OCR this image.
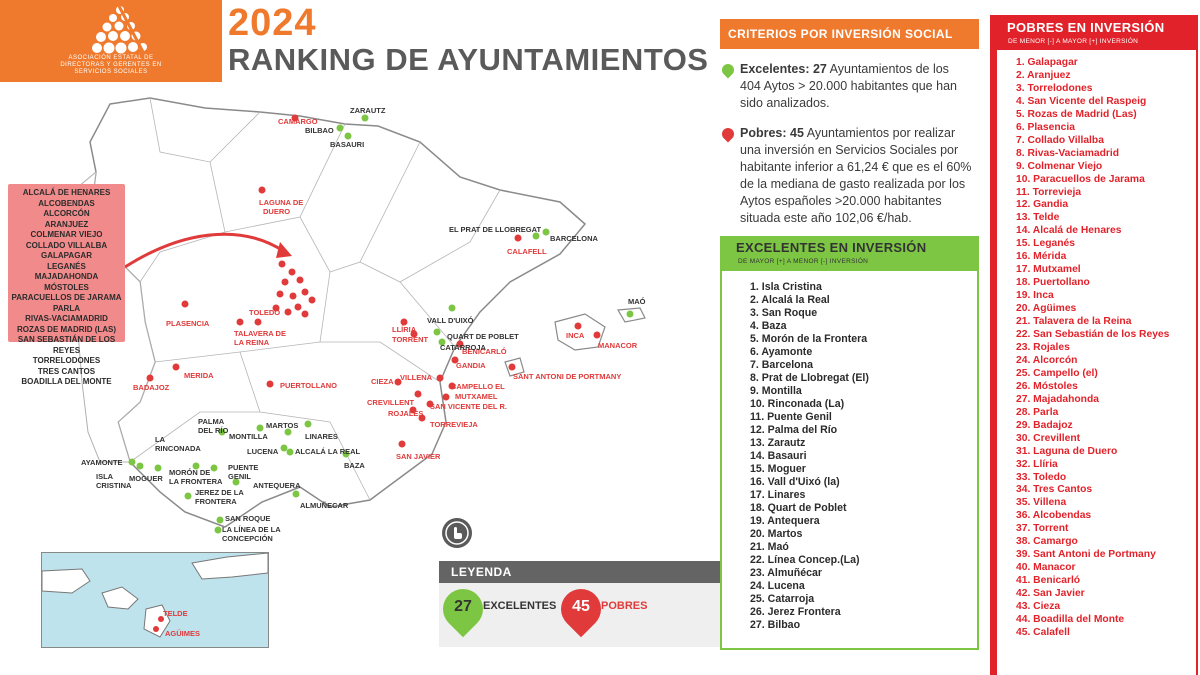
ASOCIACIÓN ESTATAL DE
DIRECTORAS Y GERENTES EN
SERVICIOS SOCIALES
2024
RANKING DE AYUNTAMIENTOS
CAMARGO
LAGUNA DE
DUERO
CALAFELL
TOLEDO
PLASENCIA
TALAVERA DE
LA REINA
BENICARLÓ
LLÍRIA
TORRENT	INCA
MANACOR
MERIDA
GANDIA
SANT ANTONI DE PORTMANY
BADAJOZ	PUERTOLLANO	CIEZA VILLENA
CAMPELLO EL
MUTXAMEL
CREVILLENT SAN VICENTE DEL R.
ROJALES
TORREVIEJA
SAN JAVIER
ZARAUTZ
BILBAO
BASAURI
EL PRAT DE LLOBREGAT
BARCELONA
MAÓ
VALL D'UIXÓ
QUART DE POBLET
CATARROJA
PALMA
DEL RÍO
MARTOS
MONTILLA	LINARES
LA
RINCONADA	LUCENA ALCALÁ LA REAL
BAZA
AYAMONTE
MORÓN DE
LA FRONTERA
PUENTE
GENIL
ISLA
CRISTINA
MOGUER
ANTEQUERA
JEREZ DE LA
FRONTERA	ALMUÑECAR
SAN ROQUE
LA LÍNEA DE LA
CONCEPCIÓN
ALCALÁ DE HENARES
ALCOBENDAS
ALCORCÓN
ARANJUEZ
COLMENAR VIEJO
COLLADO VILLALBA
GALAPAGAR
LEGANÉS
MAJADAHONDA
MÓSTOLES
PARACUELLOS DE JARAMA
PARLA
RIVAS-VACIAMADRID
ROZAS DE MADRID (LAS)
SAN SEBASTIÁN DE LOS REYES
TORRELODONES
TRES CANTOS
BOADILLA DEL MONTE
TELDE
AGÜIMES
LEYENDA
27	EXCELENTES 45	POBRES
CRITERIOS POR INVERSIÓN SOCIAL
Excelentes: 27 Ayuntamientos de los
404 Aytos > 20.000 habitantes que han
sido analizados.
Pobres: 45 Ayuntamientos por realizar
una inversión en Servicios Sociales por
habitante inferior a 61,24 € que es el 60%
de la mediana de gasto realizada por los
Aytos españoles >20.000 habitantes
situada este año 102,06 €/hab.
EXCELENTES EN INVERSIÓN
DE MAYOR [+] A MENOR [-] INVERSIÓN
1. Isla Cristina
2. Alcalá la Real
3. San Roque
4. Baza
5. Morón de la Frontera
6. Ayamonte
7. Barcelona
8. Prat de Llobregat (El)
9. Montilla
10. Rinconada (La)
11. Puente Genil
12. Palma del Río
13. Zarautz
14. Basauri
15. Moguer
16. Vall d'Uixó (la)
17. Linares
18. Quart de Poblet
19. Antequera
20. Martos
21. Maó
22. Línea Concep.(La)
23. Almuñécar
24. Lucena
25. Catarroja
26. Jerez Frontera
27. Bilbao
POBRES EN INVERSIÓN
DE MENOR [-] A MAYOR [+] INVERSIÓN
1. Galapagar
2. Aranjuez
3. Torrelodones
4. San Vicente del Raspeig
5. Rozas de Madrid (Las)
6. Plasencia
7. Collado Villalba
8. Rivas-Vaciamadrid
9. Colmenar Viejo
10. Paracuellos de Jarama
11. Torrevieja
12. Gandia
13. Telde
14. Alcalá de Henares
15. Leganés
16. Mérida
17. Mutxamel
18. Puertollano
19. Inca
20. Agüimes
21. Talavera de la Reina
22. San Sebastián de los Reyes
23. Rojales
24. Alcorcón
25. Campello (el)
26. Móstoles
27. Majadahonda
28. Parla
29. Badajoz
30. Crevillent
31. Laguna de Duero
32. Llíria
33. Toledo
34. Tres Cantos
35. Villena
36. Alcobendas
37. Torrent
38. Camargo
39. Sant Antoni de Portmany
40. Manacor
41. Benicarló
42. San Javier
43. Cieza
44. Boadilla del Monte
45. Calafell
